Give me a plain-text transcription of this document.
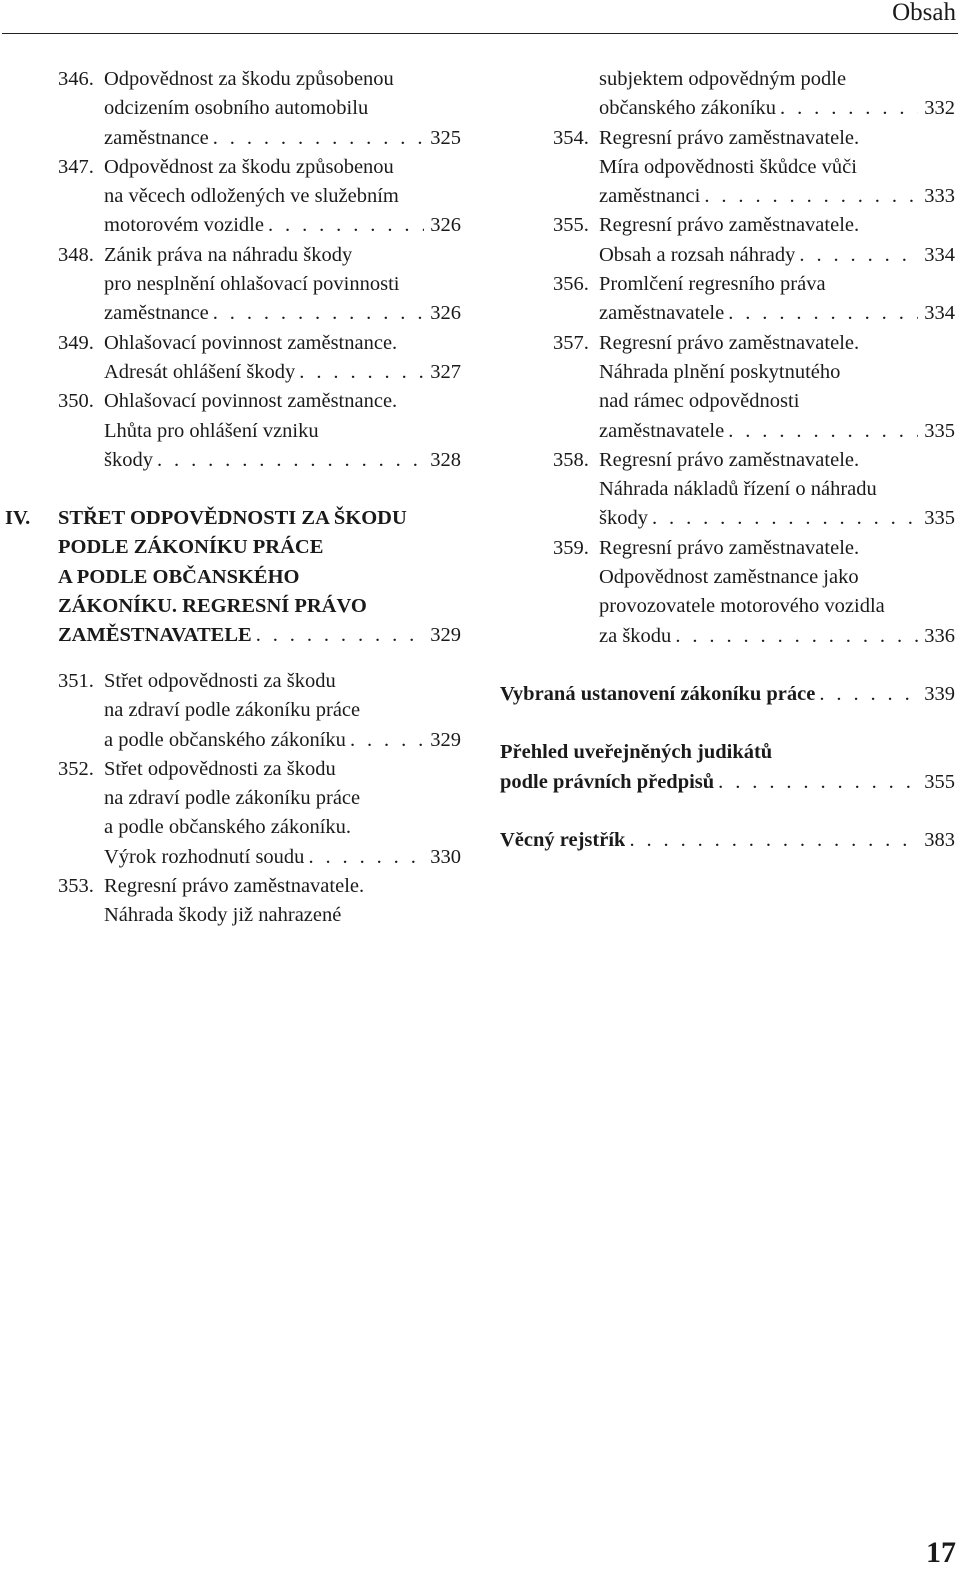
Obsah
346. Odpovědnost za škodu způsobenou
odcizením osobního automobilu
zaměstnance . . .	325
347. Odpovědnost za škodu způsobenou
na věcech odložených ve služebním
motorovém vozidle . . .	326
348. Zánik práva na náhradu škody
pro nesplnění ohlašovací povinnosti
zaměstnance . . .	326
349. Ohlašovací povinnost zaměstnance.
Adresát ohlášení škody . . .	327
350. Ohlašovací povinnost zaměstnance.
Lhůta pro ohlášení vzniku
škody . . .	328
IV. STŘET ODPOVĚDNOSTI ZA ŠKODU
PODLE ZÁKONÍKU PRÁCE
A PODLE OBČANSKÉHO
ZÁKONÍKU. REGRESNÍ PRÁVO
ZAMĚSTNAVATELE . . .	329
351. Střet odpovědnosti za škodu
na zdraví podle zákoníku práce
a podle občanského zákoníku . . .	329
352. Střet odpovědnosti za škodu
na zdraví podle zákoníku práce
a podle občanského zákoníku.
Výrok rozhodnutí soudu . . .	330
353. Regresní právo zaměstnavatele.
Náhrada škody již nahrazené
subjektem odpovědným podle
občanského zákoníku . . .	332
354. Regresní právo zaměstnavatele.
Míra odpovědnosti škůdce vůči
zaměstnanci . . .	333
355. Regresní právo zaměstnavatele.
Obsah a rozsah náhrady . . .	334
356. Promlčení regresního práva
zaměstnavatele . . .	334
357. Regresní právo zaměstnavatele.
Náhrada plnění poskytnutého
nad rámec odpovědnosti
zaměstnavatele . . .	335
358. Regresní právo zaměstnavatele.
Náhrada nákladů řízení o náhradu
škody . . .	335
359. Regresní právo zaměstnavatele.
Odpovědnost zaměstnance jako
provozovatele motorového vozidla
za škodu . . .	336
Vybraná ustanovení zákoníku práce . . .	339
Přehled uveřejněných judikátů
podle právních předpisů . . .	355
Věcný rejstřík . . .	383
17
